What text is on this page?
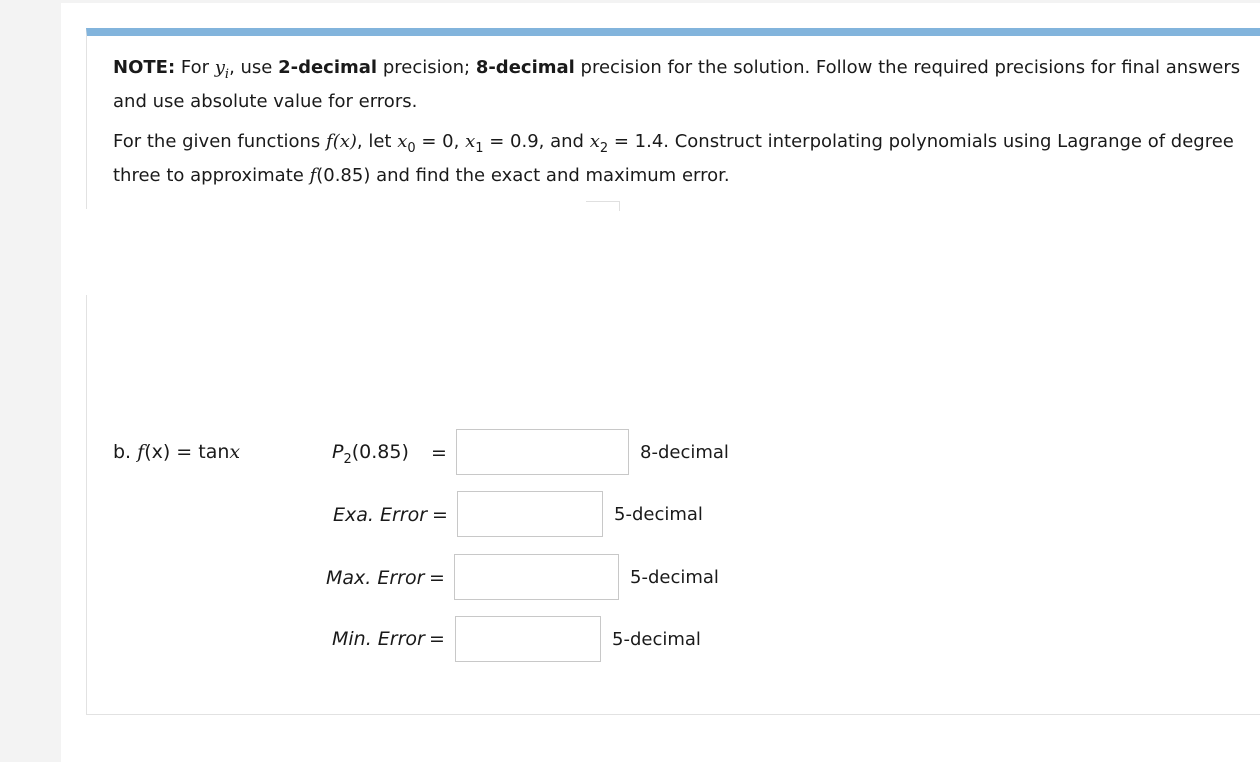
NOTE: For $y_i$, use 2-decimal precision; 8-decimal precision for the solution. Follow the required precisions for final answers
and use absolute value for errors.
For the given functions f(x), let $x_0 = 0$, $x_1 = 0.9$, and $x_2 = 1.4$. Construct interpolating polynomials using Lagrange of degree
three to approximate f(0.85) and find the exact and maximum error.
b. f(x) = tanx	$P_2(0.85)$ =	8-decimal
Exa. Error =	5-decimal
Max. Error =	5-decimal
Min. Error =	5-decimal
